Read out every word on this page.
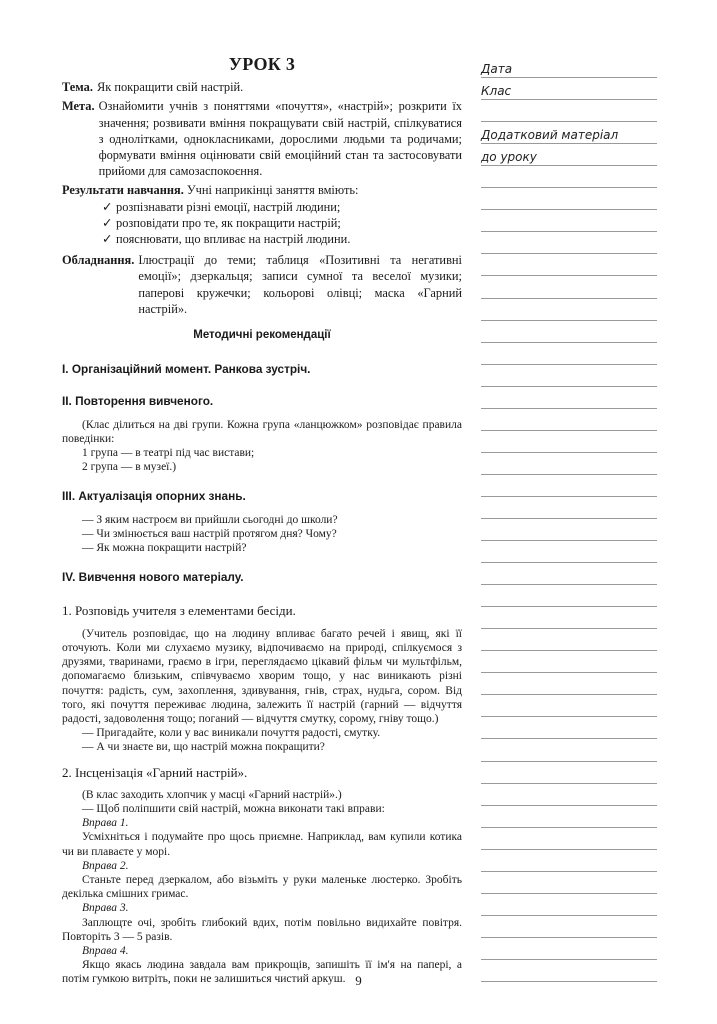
УРОК 3
Тема. Як покращити свій настрій.
Мета. Ознайомити учнів з поняттями «почуття», «настрій»; розкрити їх значення; розвивати вміння покращувати свій настрій, спілкуватися з однолітками, однокласниками, дорослими людьми та родичами; формувати вміння оцінювати свій емоційний стан та застосовувати прийоми для самозаспокоєння.
Результати навчання. Учні наприкінці заняття вміють:
✓ розпізнавати різні емоції, настрій людини;
✓ розповідати про те, як покращити настрій;
✓ пояснювати, що впливає на настрій людини.
Обладнання. Ілюстрації до теми; таблиця «Позитивні та негативні емоції»; дзеркальця; записи сумної та веселої музики; паперові кружечки; кольорові олівці; маска «Гарний настрій».
Методичні рекомендації
I. Організаційний момент. Ранкова зустріч.
II. Повторення вивченого.
(Клас ділиться на дві групи. Кожна група «ланцюжком» розповідає правила поведінки:
1 група — в театрі під час вистави;
2 група — в музеї.)
III. Актуалізація опорних знань.
— З яким настроєм ви прийшли сьогодні до школи?
— Чи змінюється ваш настрій протягом дня? Чому?
— Як можна покращити настрій?
IV. Вивчення нового матеріалу.
1. Розповідь учителя з елементами бесіди.
(Учитель розповідає, що на людину впливає багато речей і явищ, які її оточують. Коли ми слухаємо музику, відпочиваємо на природі, спілкуємося з друзями, тваринами, граємо в ігри, переглядаємо цікавий фільм чи мультфільм, допомагаємо близьким, співчуваємо хворим тощо, у нас виникають різні почуття: радість, сум, захоплення, здивування, гнів, страх, нудьга, сором. Від того, які почуття переживає людина, залежить її настрій (гарний — відчуття радості, задоволення тощо; поганий — відчуття смутку, сорому, гніву тощо.)
— Пригадайте, коли у вас виникали почуття радості, смутку.
— А чи знаєте ви, що настрій можна покращити?
2. Інсценізація «Гарний настрій».
(В клас заходить хлопчик у масці «Гарний настрій».)
— Щоб поліпшити свій настрій, можна виконати такі вправи:
Вправа 1.
Усміхніться і подумайте про щось приємне. Наприклад, вам купили котика чи ви плаваєте у морі.
Вправа 2.
Станьте перед дзеркалом, або візьміть у руки маленьке люстерко. Зробіть декілька смішних гримас.
Вправа 3.
Заплющте очі, зробіть глибокий вдих, потім повільно видихайте повітря. Повторіть 3 — 5 разів.
Вправа 4.
Якщо якась людина завдала вам прикрощів, запишіть її ім'я на папері, а потім гумкою витріть, поки не залишиться чистий аркуш.
Дата
Клас
Додатковий матеріал
до уроку
9
